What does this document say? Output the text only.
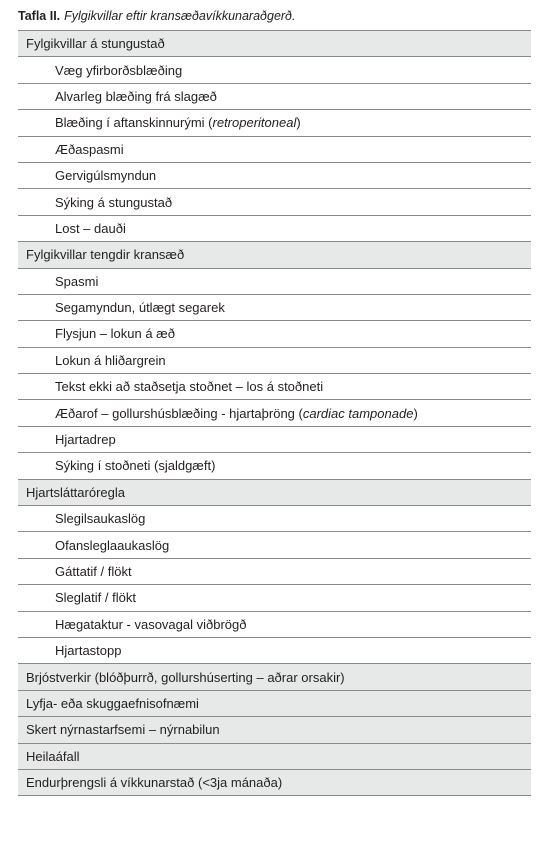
Tafla II. Fylgikvillar eftir kransæðavíkkunaraðgerð.
Fylgikvillar á stungustað
Væg yfirborðsblæðing
Alvarleg blæðing frá slagæð
Blæðing í aftanskinnurými ( retroperitoneal )
Æðaspasmi
Gervigúlsmyndun
Sýking á stungustað
Lost – dauði
Fylgikvillar tengdir kransæð
Spasmi
Segamyndun, útlægt segarek
Flysjun – lokun á æð
Lokun á hliðargrein
Tekst ekki að staðsetja stoðnet – los á stoðneti
Æðarof – gollurshúsblæðing - hjartaþröng ( cardiac tamponade )
Hjartadrep
Sýking í stoðneti (sjaldgæft)
Hjartsláttaróregla
Slegilsaukaslög
Ofansleglaaukaslög
Gáttatif / flökt
Sleglatif / flökt
Hægataktur - vasovagal viðbrögð
Hjartastopp
Brjóstverkir (blóðþurrð, gollurshúserting – aðrar orsakir)
Lyfja- eða skuggaefnisofnæmi
Skert nýrnastarfsemi – nýrnabilun
Heilaáfall
Endurþrengsli á víkkunarstað (<3ja mánaða)
